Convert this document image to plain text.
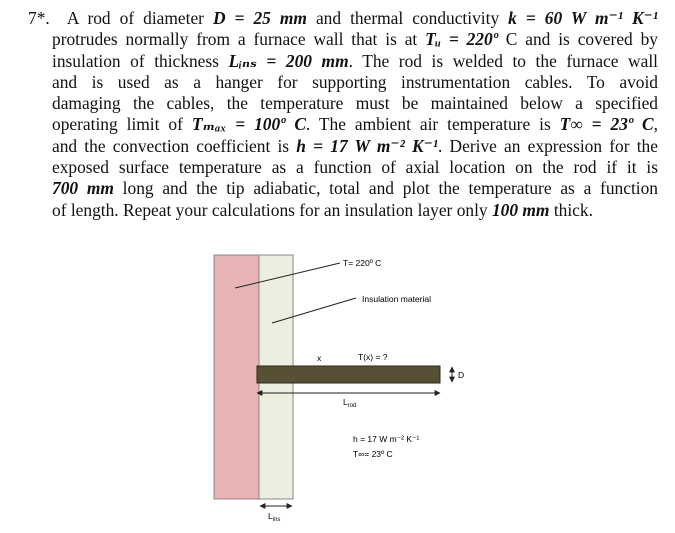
7*. A rod of diameter D = 25 mm and thermal conductivity k = 60 W m⁻¹ K⁻¹
protrudes normally from a furnace wall that is at Tᵤ = 220º C and is covered by
insulation of thickness Lᵢₙₛ = 200 mm. The rod is welded to the furnace wall
and is used as a hanger for supporting instrumentation cables. To avoid
damaging the cables, the temperature must be maintained below a specified
operating limit of Tₘₐₓ = 100º C. The ambient air temperature is T∞ = 23º C,
and the convection coefficient is h = 17 W m⁻² K⁻¹. Derive an expression for the
exposed surface temperature as a function of axial location on the rod if it is
700 mm long and the tip adiabatic, total and plot the temperature as a function
of length. Repeat your calculations for an insulation layer only 100 mm thick.
T= 220º C
Insulation material
x	T(x) = ?
D
$L_{rod}$
h = 17 W m⁻² K⁻¹
T∞= 23º C
$L_{ins}$
